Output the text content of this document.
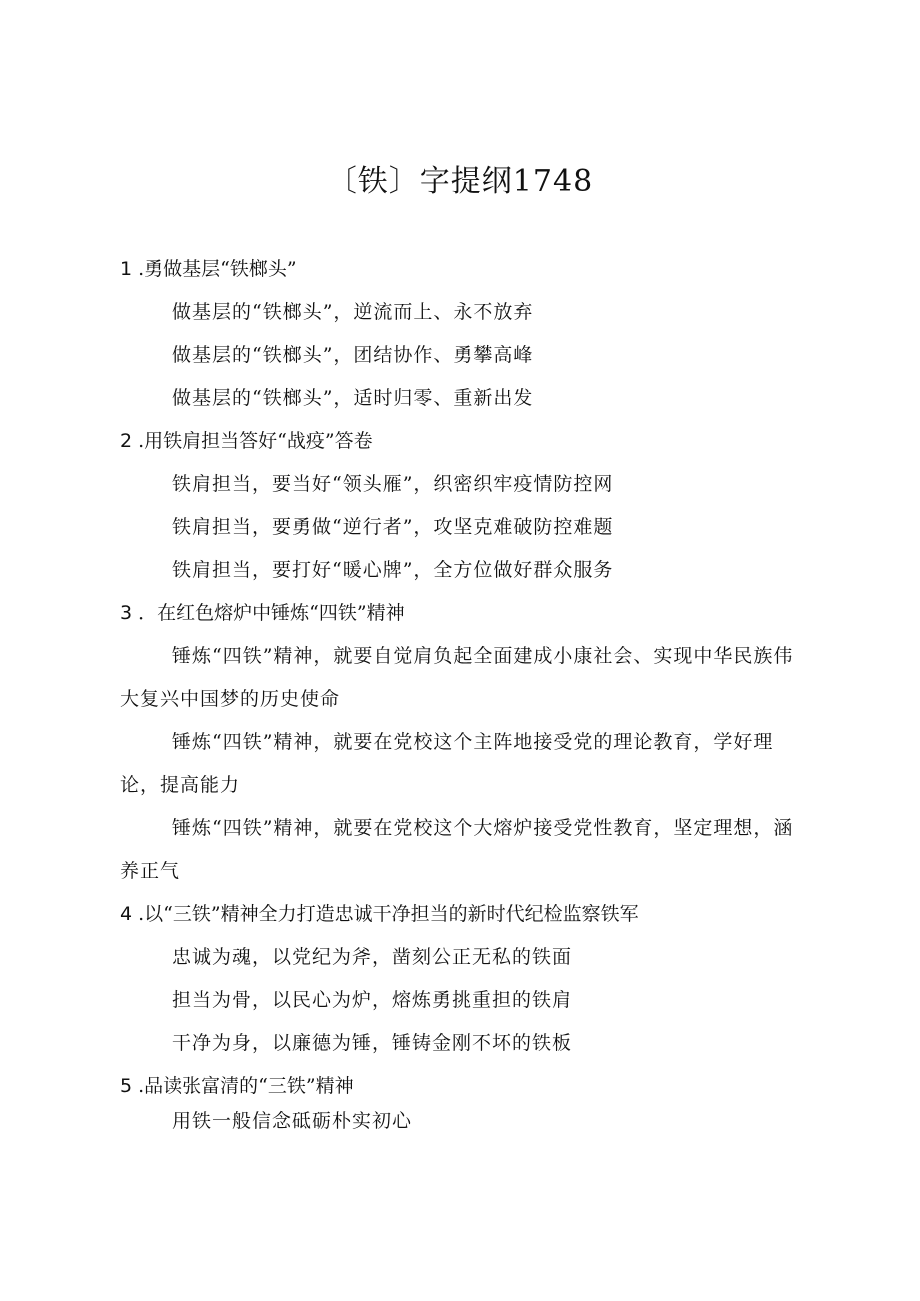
〔铁〕字提纲1748
1 .勇做基层“铁榔头”

做基层的“铁榔头”，逆流而上、永不放弃

做基层的“铁榔头”，团结协作、勇攀高峰

做基层的“铁榔头”，适时归零、重新出发

2 .用铁肩担当答好“战疫”答卷

铁肩担当，要当好“领头雁”，织密织牢疫情防控网

铁肩担当，要勇做“逆行者”，攻坚克难破防控难题

铁肩担当，要打好“暖心牌”，全方位做好群众服务

3 ．在红色熔炉中锤炼“四铁”精神

锤炼“四铁”精神，就要自觉肩负起全面建成小康社会、实现中华民族伟大复兴中国梦的历史使命

锤炼“四铁”精神，就要在党校这个主阵地接受党的理论教育，学好理论，提高能力

锤炼“四铁”精神，就要在党校这个大熔炉接受党性教育，坚定理想，涵养正气

4 .以“三铁”精神全力打造忠诚干净担当的新时代纪检监察铁军

忠诚为魂，以党纪为斧，凿刻公正无私的铁面

担当为骨，以民心为炉，熔炼勇挑重担的铁肩

干净为身，以廉德为锤，锤铸金刚不坏的铁板

5 .品读张富清的“三铁”精神

用铁一般信念砥砺朴实初心
